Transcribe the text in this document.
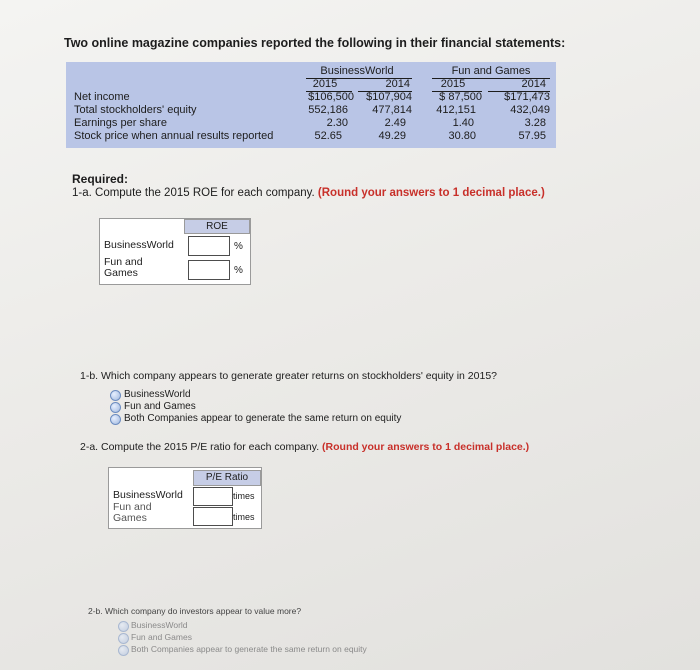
Two online magazine companies reported the following in their financial statements:
BusinessWorld	Fun and Games
2015	2014	2015	2014
Net income	$106,500	$107,904	$ 87,500	$171,473
Total stockholders' equity	552,186	477,814	412,151	432,049
Earnings per share	2.30	2.49	1.40	3.28
Stock price when annual results reported	52.65	49.29	30.80	57.95
Required:
1-a. Compute the 2015 ROE for each company. (Round your answers to 1 decimal place.)
ROE
BusinessWorld	%
Fun and Games	%
1-b. Which company appears to generate greater returns on stockholders' equity in 2015?
BusinessWorld
Fun and Games
Both Companies appear to generate the same return on equity
2-a. Compute the 2015 P/E ratio for each company. (Round your answers to 1 decimal place.)
P/E Ratio
BusinessWorld	times
Fun and Games	times
2-b. Which company do investors appear to value more?
BusinessWorld
Fun and Games
Both Companies appear to generate the same return on equity
